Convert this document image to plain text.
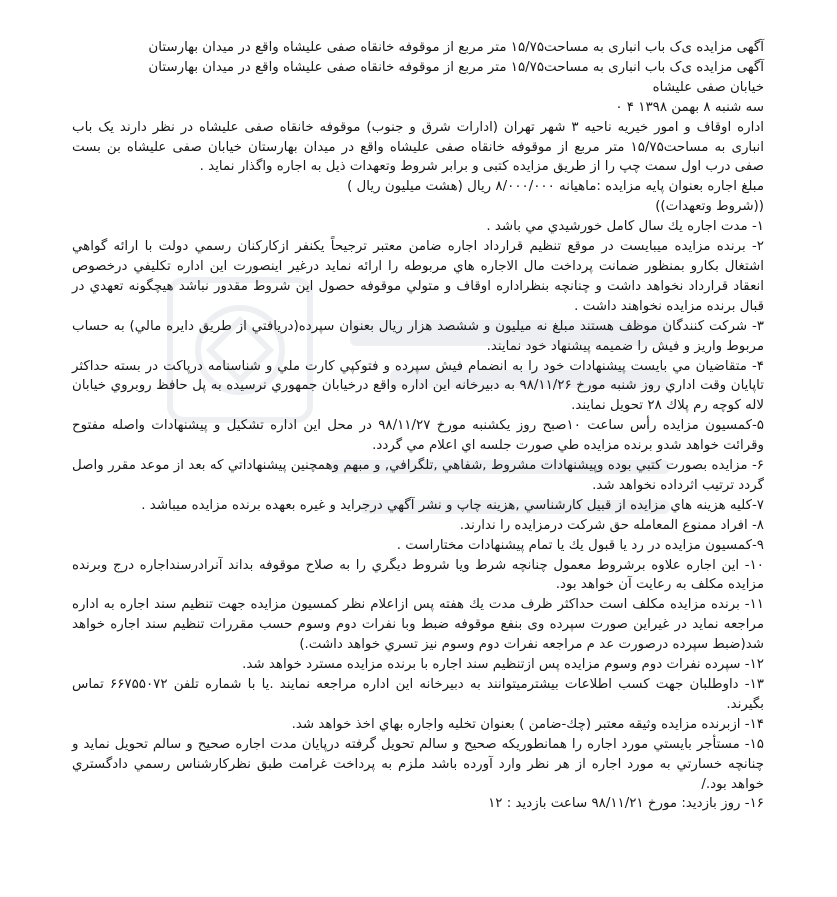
آگهی مزایده ی‌ک باب انباری به مساحت۱۵/۷۵ متر مربع از موقوفه خانقاه صفی علیشاه واقع در میدان بهارستان
آگهی مزایده ی‌ک باب انباری به مساحت۱۵/۷۵ متر مربع از موقوفه خانقاه صفی علیشاه واقع در میدان بهارستان
خیابان صفی علیشاه
سه شنبه ۸ بهمن ۱۳۹۸ ۴ ۰
اداره اوقاف و امور خیریه ناحیه ۳ شهر تهران (ادارات شرق و جنوب) موقوفه خانقاه صفی علیشاه در نظر دارند یک باب انباری به مساحت۱۵/۷۵ متر مربع از موقوفه خانقاه صفی علیشاه واقع در میدان بهارستان خیابان صفی علیشاه بن بست صفی درب اول سمت چپ را از طریق مزایده کتبی و برابر شروط وتعهدات ذیل به اجاره واگذار نماید .
مبلغ اجاره بعنوان پایه مزایده :ماهیانه ۸/۰۰۰/۰۰۰ ریال (هشت میلیون ریال )
((شروط وتعهدات))
۱- مدت اجاره يك سال كامل خورشيدي مي باشد .
۲- برنده مزايده ميبايست در موقع تنظيم قرارداد اجاره ضامن معتبر ترجيحاً يكنفر ازكاركنان رسمي دولت با ارائه گواهي اشتغال بكارو بمنظور ضمانت پرداخت مال الاجاره هاي مربوطه را ارائه نمايد درغير اينصورت اين اداره تكليفي درخصوص انعقاد قرارداد نخواهد داشت و چنانچه بنظراداره اوقاف و متولي موقوفه حصول اين شروط مقدور نباشد هيچگونه تعهدي در قبال برنده مزايده نخواهند داشت .
۳- شركت كنندگان موظف هستند مبلغ نه ميليون و ششصد هزار ريال بعنوان سپرده(دريافتي از طريق دايره مالي) به حساب مربوط واريز و فيش را ضميمه پيشنهاد خود نمايند.
۴- متقاضيان مي بايست پيشنهادات خود را به انضمام فيش سپرده و فتوكپي كارت ملي و شناسنامه درپاكت در بسته حداكثر تاپايان وقت اداري روز شنبه مورخ ۹۸/۱۱/۲۶ به دبيرخانه اين اداره واقع درخيابان جمهوري نرسيده به پل حافظ روبروي خيابان لاله كوچه رم پلاك ۲۸ تحويل نمايند.
۵-كمسيون مزايده رأس ساعت ۱۰صبح روز يكشنبه مورخ ۹۸/۱۱/۲۷ در محل اين اداره تشكيل و پيشنهادات واصله مفتوح وقرائت خواهد شدو برنده مزايده طي صورت جلسه اي اعلام مي گردد.
۶- مزايده بصورت كتبي بوده وپيشنهادات مشروط ,شفاهي ,تلگرافي, و مبهم وهمچنين پيشنهاداتي كه بعد از موعد مقرر واصل گردد ترتيب اثرداده نخواهد شد.
۷-كليه هزينه هاي مزايده از قبيل كارشناسي ,هزينه چاپ و نشر آگهي درجرايد و غيره بعهده برنده مزايده ميباشد .
۸- افراد ممنوع المعامله حق شركت درمزايده را ندارند.
۹-كمسيون مزايده در رد يا قبول يك يا تمام پيشنهادات مختاراست .
۱۰- اين اجاره علاوه برشروط معمول چنانچه شرط ويا شروط ديگري را به صلاح موقوفه بداند آنرادرسنداجاره درج وبرنده مزايده مكلف به رعايت آن خواهد بود.
۱۱- برنده مزايده مكلف است حداكثر ظرف مدت يك هفته پس ازاعلام نظر كمسيون مزايده جهت تنظيم سند اجاره به اداره مراجعه نمايد در غيراين صورت سپرده وی بنفع موقوفه ضبط وبا نفرات دوم وسوم حسب مقررات تنظيم سند اجاره خواهد شد(ضبط سپرده درصورت عد م مراجعه نفرات دوم وسوم نيز تسري خواهد داشت.)
۱۲- سپرده نفرات دوم وسوم مزايده پس ازتنظيم سند اجاره با برنده مزايده مسترد خواهد شد.
۱۳- داوطلبان جهت كسب اطلاعات بيشترميتوانند به دبيرخانه اين اداره مراجعه نمايند .يا با شماره تلفن ۶۶۷۵۵۰۷۲ تماس بگيرند.
۱۴- ازبرنده مزايده وثيقه معتبر (چك-ضامن ) بعنوان تخليه واجاره بهاي اخذ خواهد شد.
۱۵- مستأجر بايستي مورد اجاره را همانطوريكه صحيح و سالم تحويل گرفته درپايان مدت اجاره صحيح و سالم تحويل نمايد و چنانچه خسارتي به مورد اجاره از هر نظر وارد آورده باشد ملزم به پرداخت غرامت طبق نظركارشناس رسمي دادگستري خواهد بود./
۱۶- روز بازديد: مورخ ۹۸/۱۱/۲۱ ساعت بازديد : ۱۲
